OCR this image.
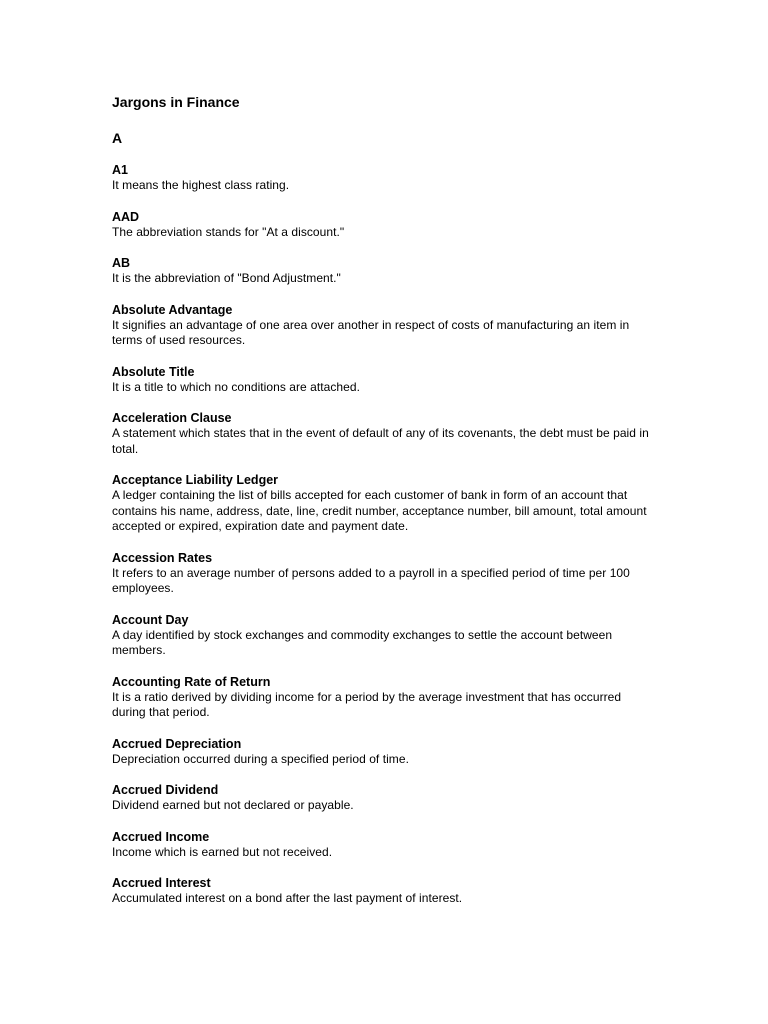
Jargons in Finance
A

A1

It means the highest class rating.

AAD

The abbreviation stands for "At a discount."

AB

It is the abbreviation of "Bond Adjustment."

Absolute Advantage

It signifies an advantage of one area over another in respect of costs of manufacturing an item in terms of used resources.

Absolute Title

It is a title to which no conditions are attached.

Acceleration Clause

A statement which states that in the event of default of any of its covenants, the debt must be paid in total.

Acceptance Liability Ledger

A ledger containing the list of bills accepted for each customer of bank in form of an account that contains his name, address, date, line, credit number, acceptance number, bill amount, total amount accepted or expired, expiration date and payment date.

Accession Rates

It refers to an average number of persons added to a payroll in a specified period of time per 100 employees.

Account Day

A day identified by stock exchanges and commodity exchanges to settle the account between members.

Accounting Rate of Return

It is a ratio derived by dividing income for a period by the average investment that has occurred during that period.

Accrued Depreciation

Depreciation occurred during a specified period of time.

Accrued Dividend

Dividend earned but not declared or payable.

Accrued Income

Income which is earned but not received.

Accrued Interest

Accumulated interest on a bond after the last payment of interest.
